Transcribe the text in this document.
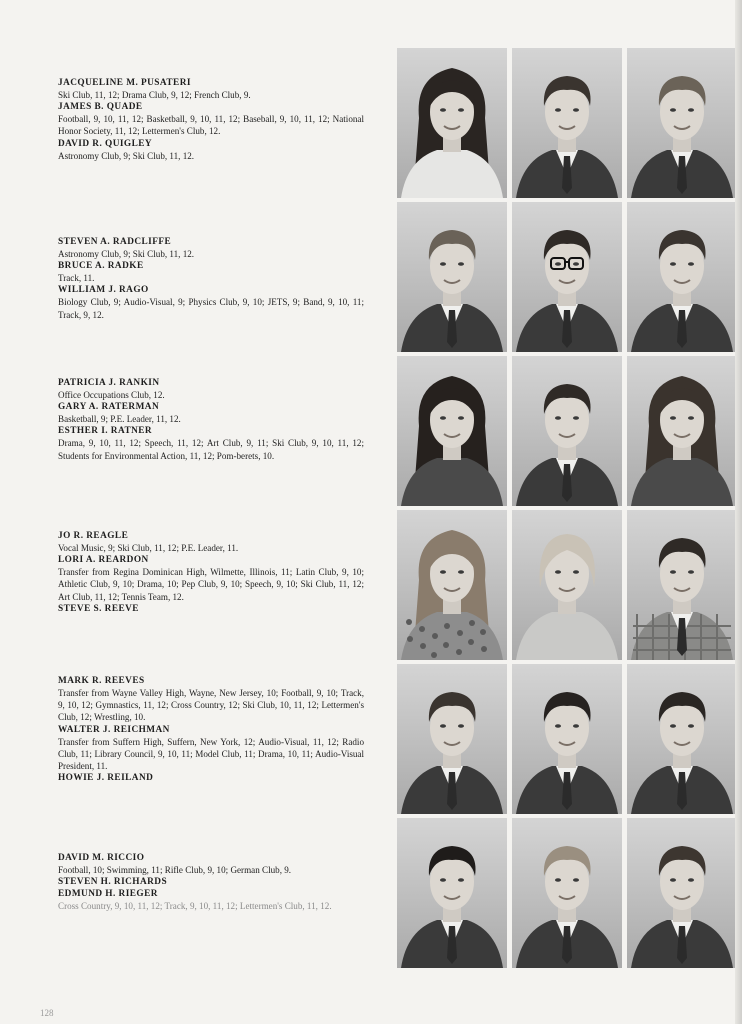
JACQUELINE M. PUSATERI
Ski Club, 11, 12; Drama Club, 9, 12; French Club, 9.
JAMES B. QUADE
Football, 9, 10, 11, 12; Basketball, 9, 10, 11, 12; Baseball, 9, 10, 11, 12; National Honor Society, 11, 12; Lettermen's Club, 12.
DAVID R. QUIGLEY
Astronomy Club, 9; Ski Club, 11, 12.
STEVEN A. RADCLIFFE
Astronomy Club, 9; Ski Club, 11, 12.
BRUCE A. RADKE
Track, 11.
WILLIAM J. RAGO
Biology Club, 9; Audio-Visual, 9; Physics Club, 9, 10; JETS, 9; Band, 9, 10, 11; Track, 9, 12.
PATRICIA J. RANKIN
Office Occupations Club, 12.
GARY A. RATERMAN
Basketball, 9; P.E. Leader, 11, 12.
ESTHER I. RATNER
Drama, 9, 10, 11, 12; Speech, 11, 12; Art Club, 9, 11; Ski Club, 9, 10, 11, 12; Students for Environmental Action, 11, 12; Pom-berets, 10.
JO R. REAGLE
Vocal Music, 9; Ski Club, 11, 12; P.E. Leader, 11.
LORI A. REARDON
Transfer from Regina Dominican High, Wilmette, Illinois, 11; Latin Club, 9, 10; Athletic Club, 9, 10; Drama, 10; Pep Club, 9, 10; Speech, 9, 10; Ski Club, 11, 12; Art Club, 11, 12; Tennis Team, 12.
STEVE S. REEVE
MARK R. REEVES
Transfer from Wayne Valley High, Wayne, New Jersey, 10; Football, 9, 10; Track, 9, 10, 12; Gymnastics, 11, 12; Cross Country, 12; Ski Club, 10, 11, 12; Lettermen's Club, 12; Wrestling, 10.
WALTER J. REICHMAN
Transfer from Suffern High, Suffern, New York, 12; Audio-Visual, 11, 12; Radio Club, 11; Library Council, 9, 10, 11; Model Club, 11; Drama, 10, 11; Audio-Visual President, 11.
HOWIE J. REILAND
DAVID M. RICCIO
Football, 10; Swimming, 11; Rifle Club, 9, 10; German Club, 9.
STEVEN H. RICHARDS
EDMUND H. RIEGER
Cross Country, 9, 10, 11, 12; Track, 9, 10, 11, 12; Lettermen's Club, 11, 12.
128
